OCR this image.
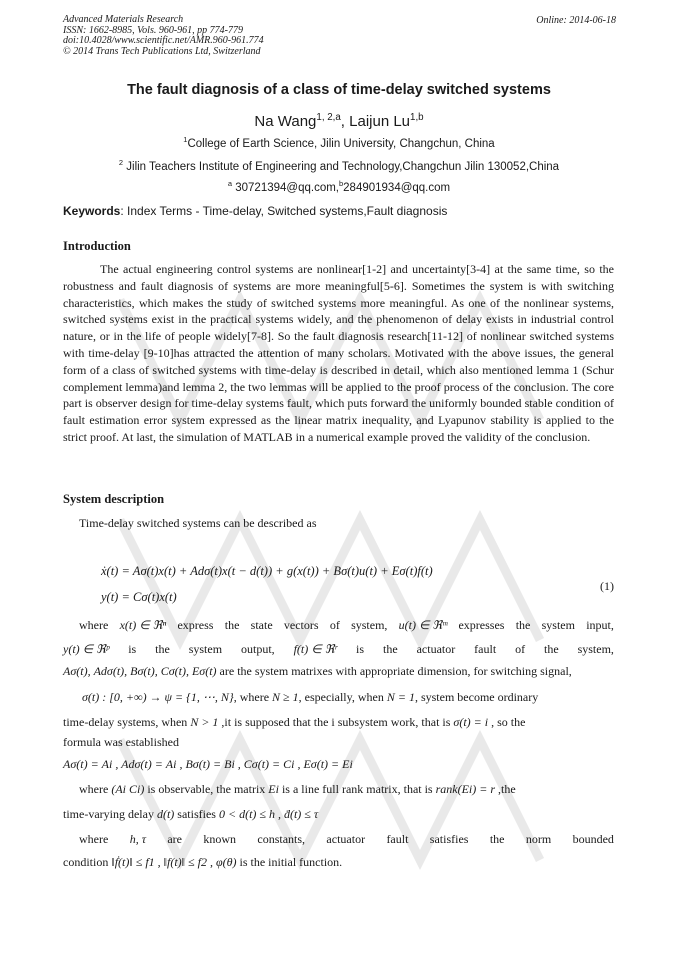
Advanced Materials Research
ISSN: 1662-8985, Vols. 960-961, pp 774-779
doi:10.4028/www.scientific.net/AMR.960-961.774
© 2014 Trans Tech Publications Ltd, Switzerland
Online: 2014-06-18
The fault diagnosis of a class of time-delay switched systems
Na Wang$^{1, 2,a}$, Laijun Lu$^{1,b}$
$^1$College of Earth Science, Jilin University, Changchun, China
$^2$ Jilin Teachers Institute of Engineering and Technology,Changchun Jilin 130052,China
$^a$ 30721394@qq.com,$^b$284901934@qq.com
Keywords: Index Terms - Time-delay, Switched systems,Fault diagnosis
Introduction

The actual engineering control systems are nonlinear[1-2] and uncertainty[3-4] at the same time, so the robustness and fault diagnosis of systems are more meaningful[5-6]. Sometimes the system is with switching characteristics, which makes the study of switched systems more meaningful. As one of the nonlinear systems, switched systems exist in the practical systems widely, and the phenomenon of delay exists in industrial control nature, or in the life of people widely[7-8]. So the fault diagnosis research[11-12] of nonlinear switched systems with time-delay [9-10]has attracted the attention of many scholars. Motivated with the above issues, the general form of a class of switched systems with time-delay is described in detail, which also mentioned lemma 1 (Schur complement lemma)and lemma 2, the two lemmas will be applied to the proof process of the conclusion. The core part is observer design for time-delay systems fault, which puts forward the uniformly bounded stable condition of fault estimation error system expressed as the linear matrix inequality, and Lyapunov stability is applied to the strict proof. At last, the simulation of MATLAB in a numerical example proved the validity of the conclusion.

System description
Time-delay switched systems can be described as
ẋ(t) = Aσ(t)x(t) + Adσ(t)x(t − d(t)) + g(x(t)) + Bσ(t)u(t) + Eσ(t)f(t)
y(t) = Cσ(t)x(t)
(1)
where x(t) ∈ ℜⁿ express the state vectors of system, u(t) ∈ ℜᵐ expresses the system input,
y(t) ∈ ℜᵖ is the system output, f(t) ∈ ℜʳ is the actuator fault of the system,
Aσ(t), Adσ(t), Bσ(t), Cσ(t), Eσ(t) are the system matrixes with appropriate dimension, for switching signal,
σ(t) : [0, +∞) → ψ = {1, ⋯, N}, where N ≥ 1, especially, when N = 1, system become ordinary
time-delay systems, when N > 1 ,it is supposed that the i subsystem work, that is σ(t) = i , so the
formula was established
Aσ(t) = Ai , Adσ(t) = Ai , Bσ(t) = Bi , Cσ(t) = Ci , Eσ(t) = Ei
where (Ai Ci) is observable, the matrix Ei is a line full rank matrix, that is rank(Ei) = r ,the
time-varying delay d(t) satisfies 0 < d(t) ≤ h , ḋ(t) ≤ τ
where h, τ are known constants, actuator fault satisfies the norm bounded
condition ‖ḟ(t)‖ ≤ f1 , ‖f(t)‖ ≤ f2 , φ(θ) is the initial function.
